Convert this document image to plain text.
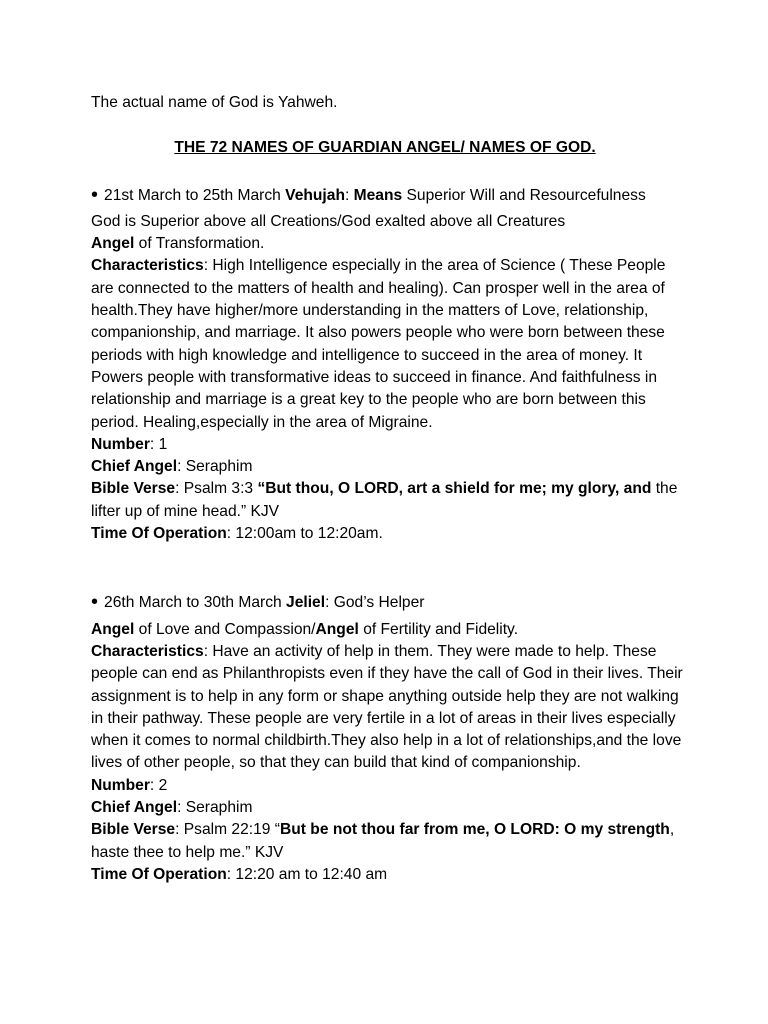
The actual name of God is Yahweh.

THE 72 NAMES OF GUARDIAN ANGEL/ NAMES OF GOD.

• 21st March to 25th March Vehujah: Means Superior Will and Resourcefulness

God is Superior above all Creations/God exalted above all Creatures

Angel of Transformation.

Characteristics: High Intelligence especially in the area of Science ( These People are connected to the matters of health and healing). Can prosper well in the area of health.They have higher/more understanding in the matters of Love, relationship, companionship, and marriage. It also powers people who were born between these periods with high knowledge and intelligence to succeed in the area of money. It Powers people with transformative ideas to succeed in finance. And faithfulness in relationship and marriage is a great key to the people who are born between this period. Healing,especially in the area of Migraine.

Number: 1

Chief Angel: Seraphim

Bible Verse: Psalm 3:3 “But thou, O LORD, art a shield for me; my glory, and the lifter up of mine head.” KJV

Time Of Operation: 12:00am to 12:20am.

• 26th March to 30th March Jeliel: God’s Helper

Angel of Love and Compassion/Angel of Fertility and Fidelity.

Characteristics: Have an activity of help in them. They were made to help. These people can end as Philanthropists even if they have the call of God in their lives. Their assignment is to help in any form or shape anything outside help they are not walking in their pathway. These people are very fertile in a lot of areas in their lives especially when it comes to normal childbirth.They also help in a lot of relationships,and the love lives of other people, so that they can build that kind of companionship.

Number: 2

Chief Angel: Seraphim

Bible Verse: Psalm 22:19 “But be not thou far from me, O LORD: O my strength, haste thee to help me.” KJV

Time Of Operation: 12:20 am to 12:40 am
